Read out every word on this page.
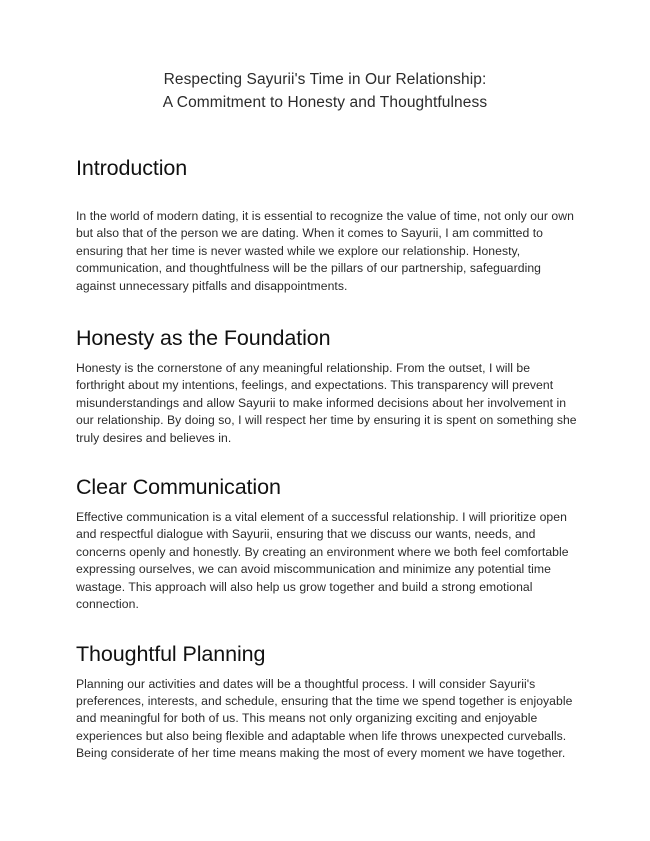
Respecting Sayurii's Time in Our Relationship:
A Commitment to Honesty and Thoughtfulness
Introduction

In the world of modern dating, it is essential to recognize the value of time, not only our own but also that of the person we are dating. When it comes to Sayurii, I am committed to ensuring that her time is never wasted while we explore our relationship. Honesty, communication, and thoughtfulness will be the pillars of our partnership, safeguarding against unnecessary pitfalls and disappointments.

Honesty as the Foundation

Honesty is the cornerstone of any meaningful relationship. From the outset, I will be forthright about my intentions, feelings, and expectations. This transparency will prevent misunderstandings and allow Sayurii to make informed decisions about her involvement in our relationship. By doing so, I will respect her time by ensuring it is spent on something she truly desires and believes in.

Clear Communication

Effective communication is a vital element of a successful relationship. I will prioritize open and respectful dialogue with Sayurii, ensuring that we discuss our wants, needs, and concerns openly and honestly. By creating an environment where we both feel comfortable expressing ourselves, we can avoid miscommunication and minimize any potential time wastage. This approach will also help us grow together and build a strong emotional connection.

Thoughtful Planning

Planning our activities and dates will be a thoughtful process. I will consider Sayurii's preferences, interests, and schedule, ensuring that the time we spend together is enjoyable and meaningful for both of us. This means not only organizing exciting and enjoyable experiences but also being flexible and adaptable when life throws unexpected curveballs. Being considerate of her time means making the most of every moment we have together.
